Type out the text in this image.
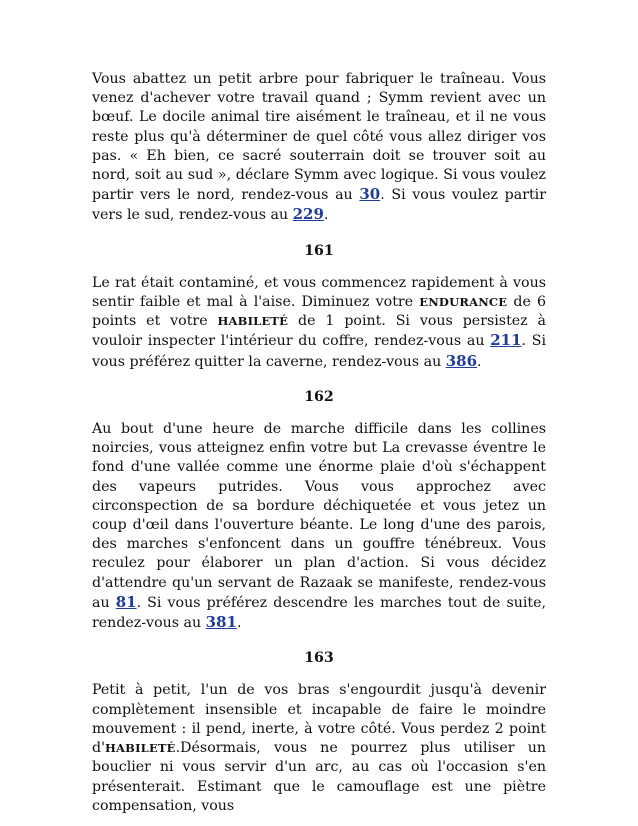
Vous abattez un petit arbre pour fabriquer le traîneau. Vous venez d'achever votre travail quand ; Symm revient avec un bœuf. Le docile animal tire aisément le traîneau, et il ne vous reste plus qu'à déterminer de quel côté vous allez diriger vos pas. « Eh bien, ce sacré souterrain doit se trouver soit au nord, soit au sud », déclare Symm avec logique. Si vous voulez partir vers le nord, rendez-vous au 30. Si vous voulez partir vers le sud, rendez-vous au 229.

161

Le rat était contaminé, et vous commencez rapidement à vous sentir faible et mal à l'aise. Diminuez votre ENDURANCE de 6 points et votre HABILETÉ de 1 point. Si vous persistez à vouloir inspecter l'intérieur du coffre, rendez-vous au 211. Si vous préférez quitter la caverne, rendez-vous au 386.

162

Au bout d'une heure de marche difficile dans les collines noircies, vous atteignez enfin votre but La crevasse éventre le fond d'une vallée comme une énorme plaie d'où s'échappent des vapeurs putrides. Vous vous approchez avec circonspection de sa bordure déchiquetée et vous jetez un coup d'œil dans l'ouverture béante. Le long d'une des parois, des marches s'enfoncent dans un gouffre ténébreux. Vous reculez pour élaborer un plan d'action. Si vous décidez d'attendre qu'un servant de Razaak se manifeste, rendez-vous au 81. Si vous préférez descendre les marches tout de suite, rendez-vous au 381.

163

Petit à petit, l'un de vos bras s'engourdit jusqu'à devenir complètement insensible et incapable de faire le moindre mouvement : il pend, inerte, à votre côté. Vous perdez 2 point d'HABILETÉ.Désormais, vous ne pourrez plus utiliser un bouclier ni vous servir d'un arc, au cas où l'occasion s'en présenterait. Estimant que le camouflage est une piètre compensation, vous
